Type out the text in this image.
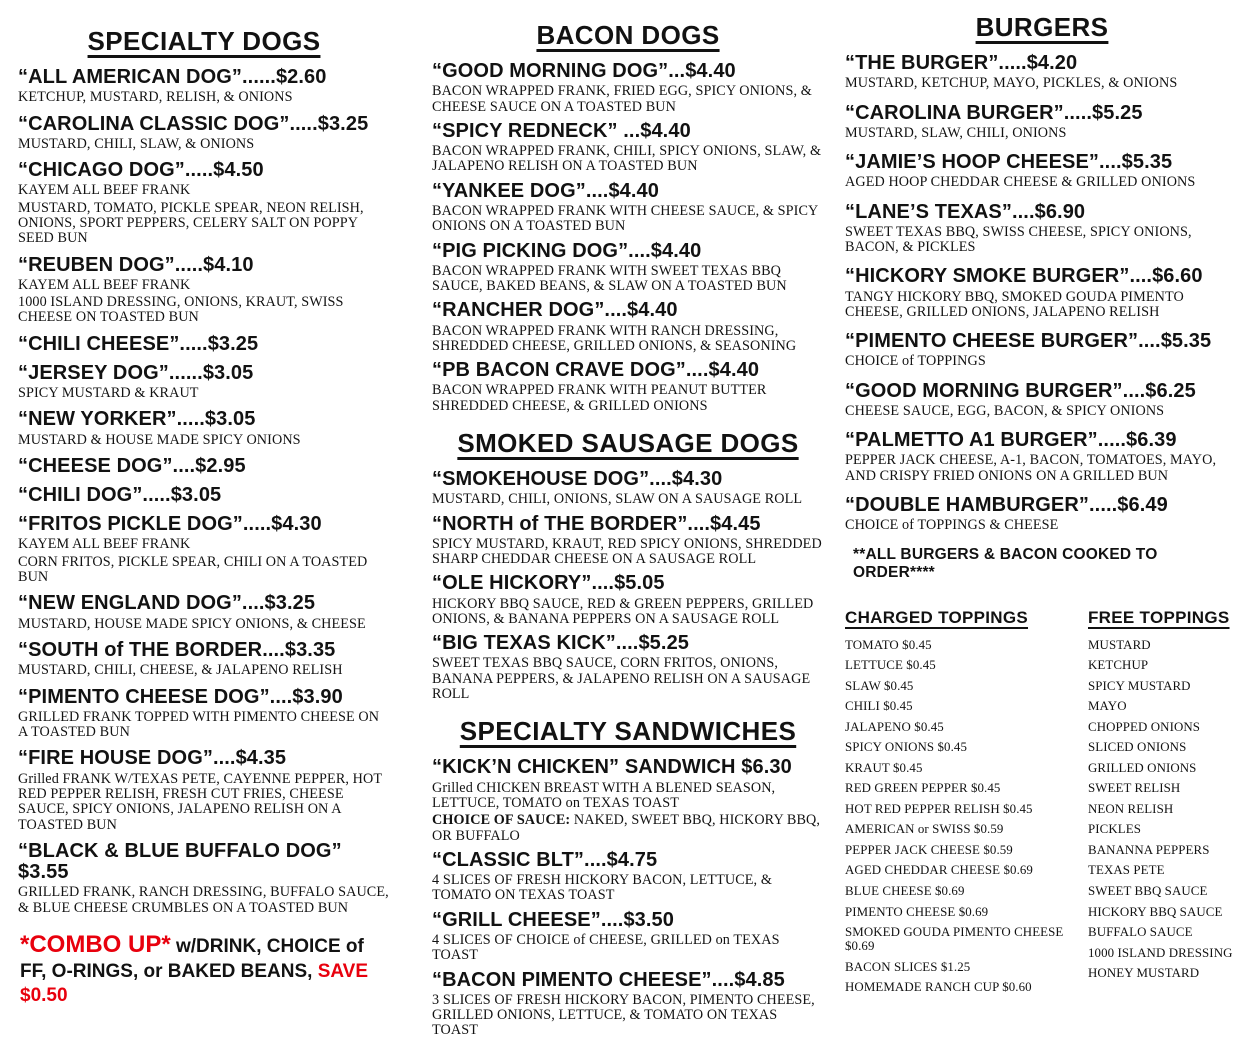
SPECIALTY DOGS
“ALL AMERICAN DOG”......$2.60
KETCHUP, MUSTARD, RELISH, & ONIONS
“CAROLINA CLASSIC DOG”.....$3.25
MUSTARD, CHILI, SLAW, & ONIONS
“CHICAGO DOG”.....$4.50
KAYEM ALL BEEF FRANK
MUSTARD, TOMATO, PICKLE SPEAR, NEON RELISH, ONIONS, SPORT PEPPERS, CELERY SALT ON POPPY SEED BUN
“REUBEN DOG”.....$4.10
KAYEM ALL BEEF FRANK
1000 ISLAND DRESSING, ONIONS, KRAUT, SWISS CHEESE ON TOASTED BUN
“CHILI CHEESE”.....$3.25
“JERSEY DOG”......$3.05
SPICY MUSTARD & KRAUT
“NEW YORKER”.....$3.05
MUSTARD & HOUSE MADE SPICY ONIONS
“CHEESE DOG”....$2.95
“CHILI DOG”.....$3.05
“FRITOS PICKLE DOG”.....$4.30
KAYEM ALL BEEF FRANK
CORN FRITOS, PICKLE SPEAR, CHILI ON A TOASTED BUN
“NEW ENGLAND DOG”....$3.25
MUSTARD, HOUSE MADE SPICY ONIONS, & CHEESE
“SOUTH of THE BORDER....$3.35
MUSTARD, CHILI, CHEESE, & JALAPENO RELISH
“PIMENTO CHEESE DOG”....$3.90
GRILLED FRANK TOPPED WITH PIMENTO CHEESE ON A TOASTED BUN
“FIRE HOUSE DOG”....$4.35
Grilled FRANK W/TEXAS PETE, CAYENNE PEPPER, HOT RED PEPPER RELISH, FRESH CUT FRIES, CHEESE SAUCE, SPICY ONIONS, JALAPENO RELISH ON A TOASTED BUN
“BLACK & BLUE BUFFALO DOG” $3.55
GRILLED FRANK, RANCH DRESSING, BUFFALO SAUCE, & BLUE CHEESE CRUMBLES ON A TOASTED BUN
*COMBO UP* w/DRINK, CHOICE of FF, O-RINGS, or BAKED BEANS, SAVE $0.50
BACON DOGS
“GOOD MORNING DOG”...$4.40
BACON WRAPPED FRANK, FRIED EGG, SPICY ONIONS, & CHEESE SAUCE ON A TOASTED BUN
“SPICY REDNECK” ...$4.40
BACON WRAPPED FRANK, CHILI, SPICY ONIONS, SLAW, & JALAPENO RELISH ON A TOASTED BUN
“YANKEE DOG”....$4.40
BACON WRAPPED FRANK WITH CHEESE SAUCE, & SPICY ONIONS ON A TOASTED BUN
“PIG PICKING DOG”....$4.40
BACON WRAPPED FRANK WITH SWEET TEXAS BBQ SAUCE, BAKED BEANS, & SLAW ON A TOASTED BUN
“RANCHER DOG”....$4.40
BACON WRAPPED FRANK WITH RANCH DRESSING, SHREDDED CHEESE, GRILLED ONIONS, & SEASONING
“PB BACON CRAVE DOG”....$4.40
BACON WRAPPED FRANK WITH PEANUT BUTTER SHREDDED CHEESE, & GRILLED ONIONS
SMOKED SAUSAGE DOGS
“SMOKEHOUSE DOG”....$4.30
MUSTARD, CHILI, ONIONS, SLAW ON A SAUSAGE ROLL
“NORTH of THE BORDER”....$4.45
SPICY MUSTARD, KRAUT, RED SPICY ONIONS, SHREDDED SHARP CHEDDAR CHEESE ON A SAUSAGE ROLL
“OLE HICKORY”....$5.05
HICKORY BBQ SAUCE, RED & GREEN PEPPERS, GRILLED ONIONS, & BANANA PEPPERS ON A SAUSAGE ROLL
“BIG TEXAS KICK”....$5.25
SWEET TEXAS BBQ SAUCE, CORN FRITOS, ONIONS, BANANA PEPPERS, & JALAPENO RELISH ON A SAUSAGE ROLL
SPECIALTY SANDWICHES
“KICK’N CHICKEN” SANDWICH $6.30
Grilled CHICKEN BREAST WITH A BLENED SEASON, LETTUCE, TOMATO on TEXAS TOAST
CHOICE OF SAUCE: NAKED, SWEET BBQ, HICKORY BBQ, OR BUFFALO
“CLASSIC BLT”....$4.75
4 SLICES OF FRESH HICKORY BACON, LETTUCE, & TOMATO ON TEXAS TOAST
“GRILL CHEESE”....$3.50
4 SLICES OF CHOICE of CHEESE, GRILLED on TEXAS TOAST
“BACON PIMENTO CHEESE”....$4.85
3 SLICES OF FRESH HICKORY BACON, PIMENTO CHEESE, GRILLED ONIONS, LETTUCE, & TOMATO ON TEXAS TOAST
BURGERS
“THE BURGER”.....$4.20
MUSTARD, KETCHUP, MAYO, PICKLES, & ONIONS
“CAROLINA BURGER”.....$5.25
MUSTARD, SLAW, CHILI, ONIONS
“JAMIE’S HOOP CHEESE”....$5.35
AGED HOOP CHEDDAR CHEESE & GRILLED ONIONS
“LANE’S TEXAS”....$6.90
SWEET TEXAS BBQ, SWISS CHEESE, SPICY ONIONS, BACON, & PICKLES
“HICKORY SMOKE BURGER”....$6.60
TANGY HICKORY BBQ, SMOKED GOUDA PIMENTO CHEESE, GRILLED ONIONS, JALAPENO RELISH
“PIMENTO CHEESE BURGER”....$5.35
CHOICE of TOPPINGS
“GOOD MORNING BURGER”....$6.25
CHEESE SAUCE, EGG, BACON, & SPICY ONIONS
“PALMETTO A1 BURGER”.....$6.39
PEPPER JACK CHEESE, A-1, BACON, TOMATOES, MAYO, AND CRISPY FRIED ONIONS ON A GRILLED BUN
“DOUBLE HAMBURGER”.....$6.49
CHOICE of TOPPINGS & CHEESE
**ALL BURGERS & BACON COOKED TO ORDER****
CHARGED TOPPINGS
TOMATO $0.45
LETTUCE $0.45
SLAW $0.45
CHILI $0.45
JALAPENO $0.45
SPICY ONIONS $0.45
KRAUT $0.45
RED GREEN PEPPER $0.45
HOT RED PEPPER RELISH $0.45
AMERICAN or SWISS $0.59
PEPPER JACK CHEESE $0.59
AGED CHEDDAR CHEESE $0.69
BLUE CHEESE $0.69
PIMENTO CHEESE $0.69
SMOKED GOUDA PIMENTO CHEESE $0.69
BACON SLICES $1.25
HOMEMADE RANCH CUP $0.60
FREE TOPPINGS
MUSTARD
KETCHUP
SPICY MUSTARD
MAYO
CHOPPED ONIONS
SLICED ONIONS
GRILLED ONIONS
SWEET RELISH
NEON RELISH
PICKLES
BANANNA PEPPERS
TEXAS PETE
SWEET BBQ SAUCE
HICKORY BBQ SAUCE
BUFFALO SAUCE
1000 ISLAND DRESSING
HONEY MUSTARD
